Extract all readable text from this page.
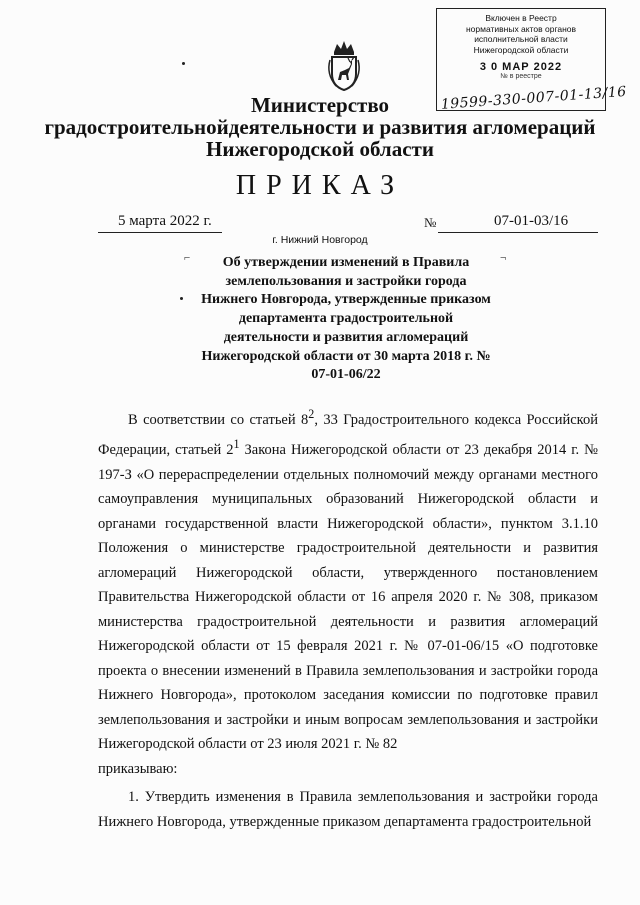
Включен в Реестр
нормативных актов органов
исполнительной власти
Нижегородской области
3 0 МАР 2022
№ в реестре
19599-330-007-01-13/16
Министерство
градостроительнойдеятельности и развития агломераций
Нижегородской области
ПРИКАЗ
5 марта 2022 г.	№	07-01-03/16
г. Нижний Новгород
⌐	¬
Об утверждении изменений в Правила землепользования и застройки города Нижнего Новгорода, утвержденные приказом департамента градостроительной деятельности и развития агломераций Нижегородской области от 30 марта 2018 г. № 07-01-06/22

В соответствии со статьей $8^2$, 33 Градостроительного кодекса Российской Федерации, статьей $2^1$ Закона Нижегородской области от 23 декабря 2014 г. № 197-З «О перераспределении отдельных полномочий между органами местного самоуправления муниципальных образований Нижегородской области и органами государственной власти Нижегородской области», пунктом 3.1.10 Положения о министерстве градостроительной деятельности и развития агломераций Нижегородской области, утвержденного постановлением Правительства Нижегородской области от 16 апреля 2020 г. № 308, приказом министерства градостроительной деятельности и развития агломераций Нижегородской области от 15 февраля 2021 г. № 07-01-06/15 «О подготовке проекта о внесении изменений в Правила землепользования и застройки города Нижнего Новгорода», протоколом заседания комиссии по подготовке правил землепользования и застройки и иным вопросам землепользования и застройки Нижегородской области от 23 июля 2021 г. № 82

приказываю:

1. Утвердить изменения в Правила землепользования и застройки города Нижнего Новгорода, утвержденные приказом департамента градостроительной
